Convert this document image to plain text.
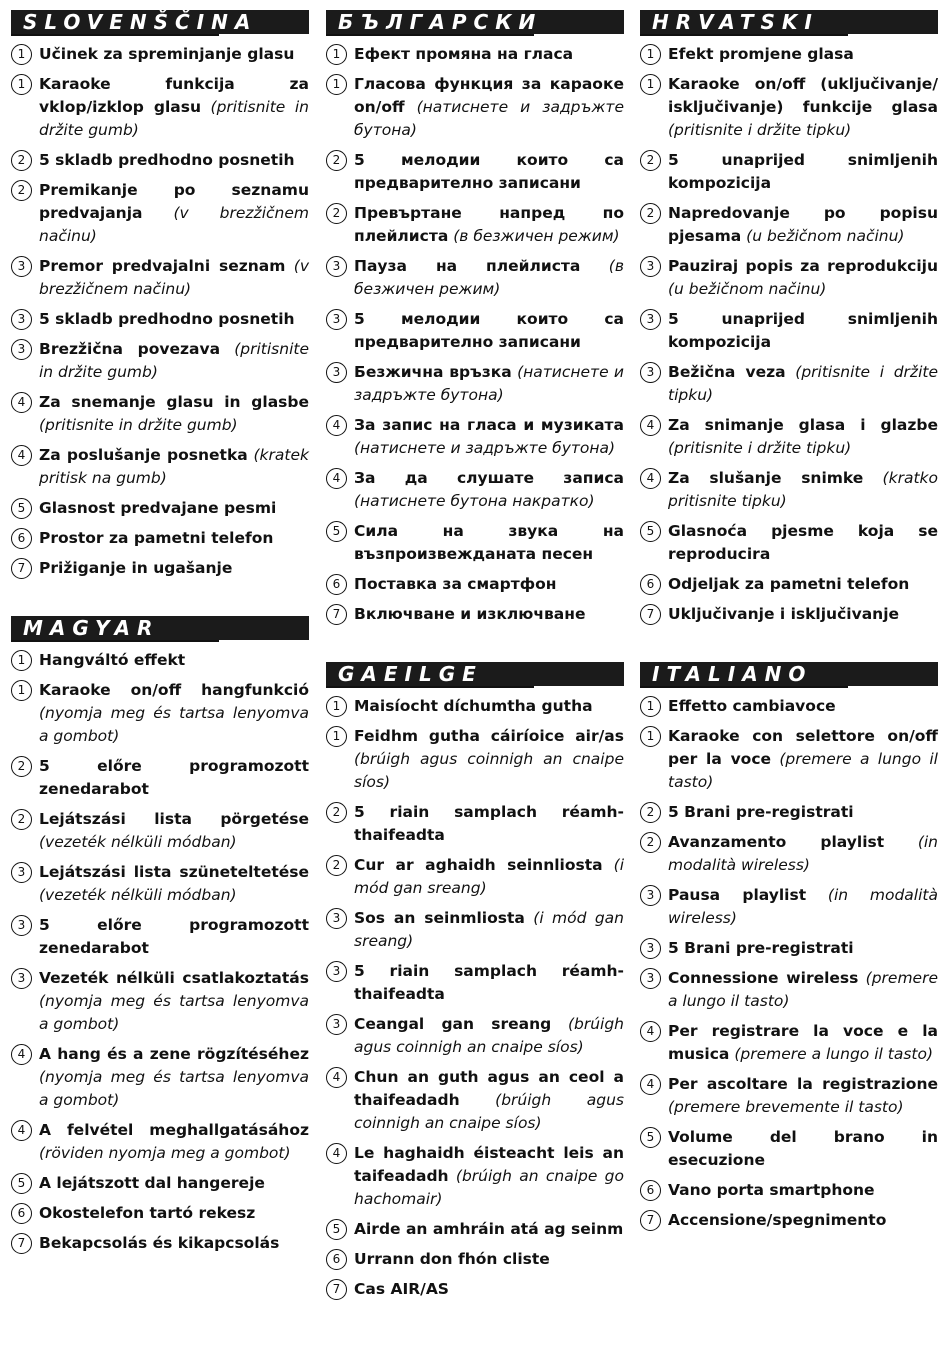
SLOVENŠČINA
1 Učinek za spreminjanje glasu
1 Karaoke funkcija za vklop/izklop glasu (pritisnite in držite gumb)
2 5 skladb predhodno posnetih
2 Premikanje po seznamu predvajanja (v brezžičnem načinu)
3 Premor predvajalni seznam (v brezžičnem načinu)
3 5 skladb predhodno posnetih
3 Brezžična povezava (pritisnite in držite gumb)
4 Za snemanje glasu in glasbe (pritisnite in držite gumb)
4 Za poslušanje posnetka (kratek pritisk na gumb)
5 Glasnost predvajane pesmi
6 Prostor za pametni telefon
7 Prižiganje in ugašanje
MAGYAR
1 Hangváltó effekt
1 Karaoke on/off hangfunkció (nyomja meg és tartsa lenyomva a gombot)
2 5 előre programozott zenedarabot
2 Lejátszási lista pörgetése (vezeték nélküli módban)
3 Lejátszási lista szüneteltetése (vezeték nélküli módban)
3 5 előre programozott zenedarabot
3 Vezeték nélküli csatlakoztatás (nyomja meg és tartsa lenyomva a gombot)
4 A hang és a zene rögzítéséhez (nyomja meg és tartsa lenyomva a gombot)
4 A felvétel meghallgatásához (röviden nyomja meg a gombot)
5 A lejátszott dal hangereje
6 Okostelefon tartó rekesz
7 Bekapcsolás és kikapcsolás
БЪЛГАРСКИ
1 Ефект промяна на гласа
1 Гласова функция за караоке on/off (натиснете и задръжте бутона)
2 5 мелодии които са предварително записани
2 Превъртане напред по плейлиста (в безжичен режим)
3 Пауза на плейлиста (в безжичен режим)
3 5 мелодии които са предварително записани
3 Безжична връзка (натиснете и задръжте бутона)
4 За запис на гласа и музиката (натиснете и задръжте бутона)
4 За да слушате записа (натиснете бутона накратко)
5 Сила на звука на възпроизвежданата песен
6 Поставка за смартфон
7 Включване и изключване
GAEILGE
1 Maisíocht díchumtha gutha
1 Feidhm gutha cáiríoice air/as (brúigh agus coinnigh an cnaipe síos)
2 5 riain samplach réamh-thaifeadta
2 Cur ar aghaidh seinnliosta (i mód gan sreang)
3 Sos an seinmliosta (i mód gan sreang)
3 5 riain samplach réamh-thaifeadta
3 Ceangal gan sreang (brúigh agus coinnigh an cnaipe síos)
4 Chun an guth agus an ceol a thaifeadadh (brúigh agus coinnigh an cnaipe síos)
4 Le haghaidh éisteacht leis an taifeadadh (brúigh an cnaipe go hachomair)
5 Airde an amhráin atá ag seinm
6 Urrann don fhón cliste
7 Cas AIR/AS
HRVATSKI
1 Efekt promjene glasa
1 Karaoke on/off (uključivanje/ isključivanje) funkcije glasa (pritisnite i držite tipku)
2 5 unaprijed snimljenih kompozicija
2 Napredovanje po popisu pjesama (u bežičnom načinu)
3 Pauziraj popis za reprodukciju (u bežičnom načinu)
3 5 unaprijed snimljenih kompozicija
3 Bežična veza (pritisnite i držite tipku)
4 Za snimanje glasa i glazbe (pritisnite i držite tipku)
4 Za slušanje snimke (kratko pritisnite tipku)
5 Glasnoća pjesme koja se reproducira
6 Odjeljak za pametni telefon
7 Uključivanje i isključivanje
ITALIANO
1 Effetto cambiavoce
1 Karaoke con selettore on/off per la voce (premere a lungo il tasto)
2 5 Brani pre-registrati
2 Avanzamento playlist (in modalità wireless)
3 Pausa playlist (in modalità wireless)
3 5 Brani pre-registrati
3 Connessione wireless (premere a lungo il tasto)
4 Per registrare la voce e la musica (premere a lungo il tasto)
4 Per ascoltare la registrazione (premere brevemente il tasto)
5 Volume del brano in esecuzione
6 Vano porta smartphone
7 Accensione/spegnimento
